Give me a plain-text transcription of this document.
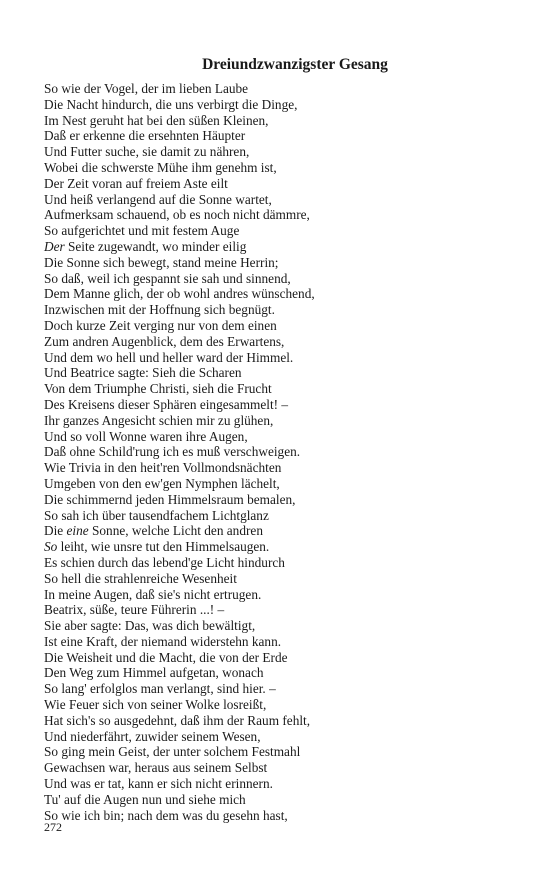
Dreiundzwanzigster Gesang
So wie der Vogel, der im lieben Laube
Die Nacht hindurch, die uns verbirgt die Dinge,
Im Nest geruht hat bei den süßen Kleinen,
Daß er erkenne die ersehnten Häupter
Und Futter suche, sie damit zu nähren,
Wobei die schwerste Mühe ihm genehm ist,
Der Zeit voran auf freiem Aste eilt
Und heiß verlangend auf die Sonne wartet,
Aufmerksam schauend, ob es noch nicht dämmre,
So aufgerichtet und mit festem Auge
Der Seite zugewandt, wo minder eilig
Die Sonne sich bewegt, stand meine Herrin;
So daß, weil ich gespannt sie sah und sinnend,
Dem Manne glich, der ob wohl andres wünschend,
Inzwischen mit der Hoffnung sich begnügt.
Doch kurze Zeit verging nur von dem einen
Zum andren Augenblick, dem des Erwartens,
Und dem wo hell und heller ward der Himmel.
Und Beatrice sagte: Sieh die Scharen
Von dem Triumphe Christi, sieh die Frucht
Des Kreisens dieser Sphären eingesammelt! –
Ihr ganzes Angesicht schien mir zu glühen,
Und so voll Wonne waren ihre Augen,
Daß ohne Schild'rung ich es muß verschweigen.
Wie Trivia in den heit'ren Vollmondsnächten
Umgeben von den ew'gen Nymphen lächelt,
Die schimmernd jeden Himmelsraum bemalen,
So sah ich über tausendfachem Lichtglanz
Die eine Sonne, welche Licht den andren
So leiht, wie unsre tut den Himmelsaugen.
Es schien durch das lebend'ge Licht hindurch
So hell die strahlenreiche Wesenheit
In meine Augen, daß sie's nicht ertrugen.
Beatrix, süße, teure Führerin ...! –
Sie aber sagte: Das, was dich bewältigt,
Ist eine Kraft, der niemand widerstehn kann.
Die Weisheit und die Macht, die von der Erde
Den Weg zum Himmel aufgetan, wonach
So lang' erfolglos man verlangt, sind hier. –
Wie Feuer sich von seiner Wolke losreißt,
Hat sich's so ausgedehnt, daß ihm der Raum fehlt,
Und niederfährt, zuwider seinem Wesen,
So ging mein Geist, der unter solchem Festmahl
Gewachsen war, heraus aus seinem Selbst
Und was er tat, kann er sich nicht erinnern.
Tu' auf die Augen nun und siehe mich
So wie ich bin; nach dem was du gesehn hast,
272
